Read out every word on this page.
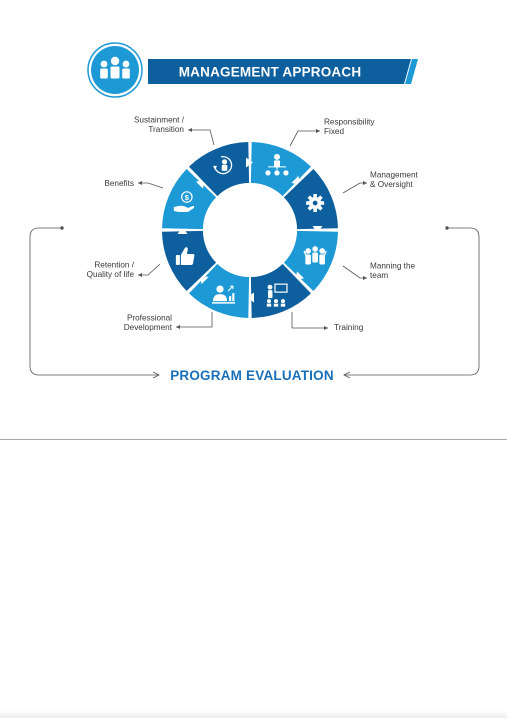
MANAGEMENT APPROACH
$
Responsibility
Fixed
Management
& Oversight
Manning the
team
Training
Professional
Development
Retention /
Quality of life
Benefits
Sustainment /
Transition
PROGRAM EVALUATION
